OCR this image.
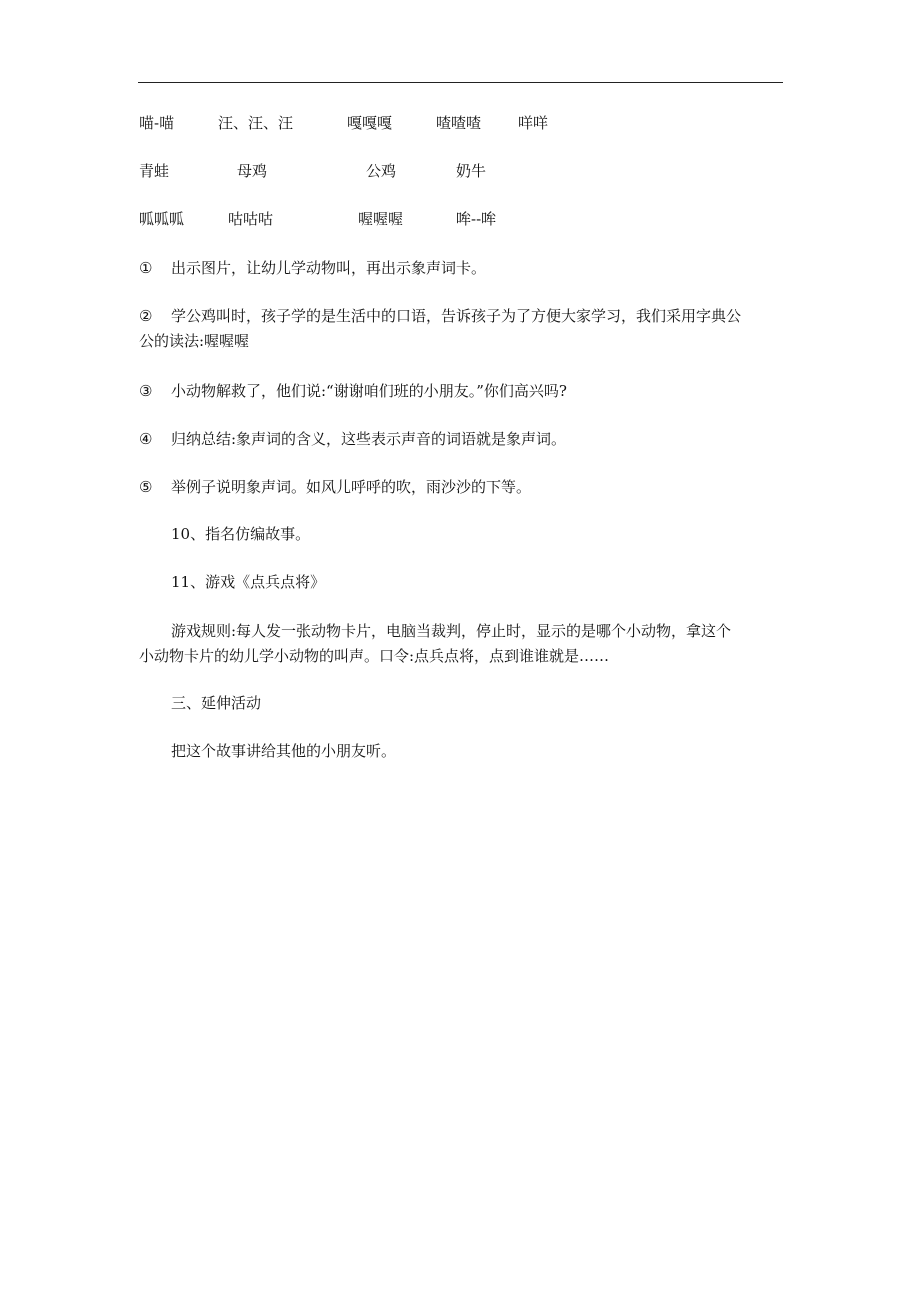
喵-喵	汪、汪、汪	嘎嘎嘎	喳喳喳 咩咩
青蛙	母鸡	公鸡	奶牛
呱呱呱	咕咕咕	喔喔喔	哞--哞
①	出示图片，让幼儿学动物叫，再出示象声词卡。
②	学公鸡叫时，孩子学的是生活中的口语，告诉孩子为了方便大家学习，我们采用字典公
公的读法:喔喔喔
③	小动物解救了，他们说:“谢谢咱们班的小朋友。”你们高兴吗?
④	归纳总结:象声词的含义，这些表示声音的词语就是象声词。
⑤	举例子说明象声词。如风儿呼呼的吹，雨沙沙的下等。
10、指名仿编故事。
11、游戏《点兵点将》
游戏规则:每人发一张动物卡片，电脑当裁判，停止时，显示的是哪个小动物，拿这个
小动物卡片的幼儿学小动物的叫声。口令:点兵点将，点到谁谁就是……
三、延伸活动
把这个故事讲给其他的小朋友听。
